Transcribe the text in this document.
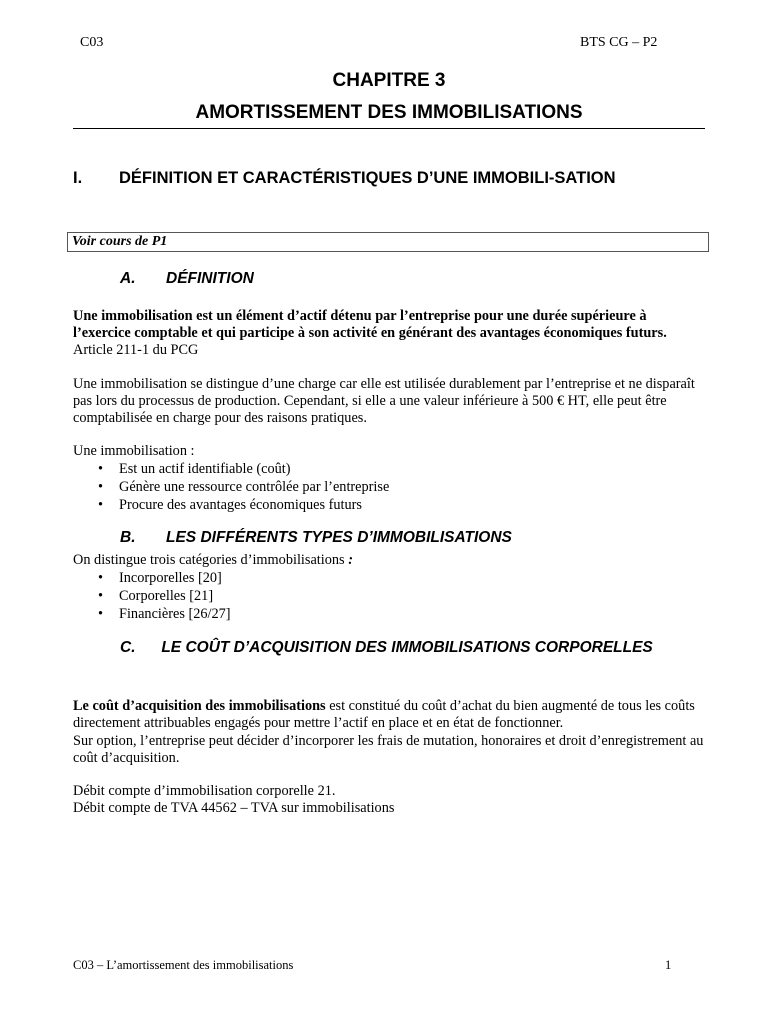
C03	BTS CG – P2
CHAPITRE 3
AMORTISSEMENT DES IMMOBILISATIONS
I. DÉFINITION ET CARACTÉRISTIQUES D’UNE IMMOBILI-SATION
Voir cours de P1
A. DÉFINITION
Une immobilisation est un élément d’actif détenu par l’entreprise pour une durée supérieure à l’exercice comptable et qui participe à son activité en générant des avantages économiques futurs. Article 211-1 du PCG
Une immobilisation se distingue d’une charge car elle est utilisée durablement par l’entreprise et ne disparaît pas lors du processus de production. Cependant, si elle a une valeur inférieure à 500 € HT, elle peut être comptabilisée en charge pour des raisons pratiques.
Une immobilisation :
• Est un actif identifiable (coût)
• Génère une ressource contrôlée par l’entreprise
• Procure des avantages économiques futurs
B. LES DIFFÉRENTS TYPES D’IMMOBILISATIONS
On distingue trois catégories d’immobilisations :
• Incorporelles [20]
• Corporelles [21]
• Financières [26/27]
C. LE COÛT D’ACQUISITION DES IMMOBILISATIONS CORPORELLES
Le coût d’acquisition des immobilisations est constitué du coût d’achat du bien augmenté de tous les coûts directement attribuables engagés pour mettre l’actif en place et en état de fonctionner.
Sur option, l’entreprise peut décider d’incorporer les frais de mutation, honoraires et droit d’enregistrement au coût d’acquisition.
Débit compte d’immobilisation corporelle 21.
Débit compte de TVA 44562 – TVA sur immobilisations
C03 – L’amortissement des immobilisations	1
